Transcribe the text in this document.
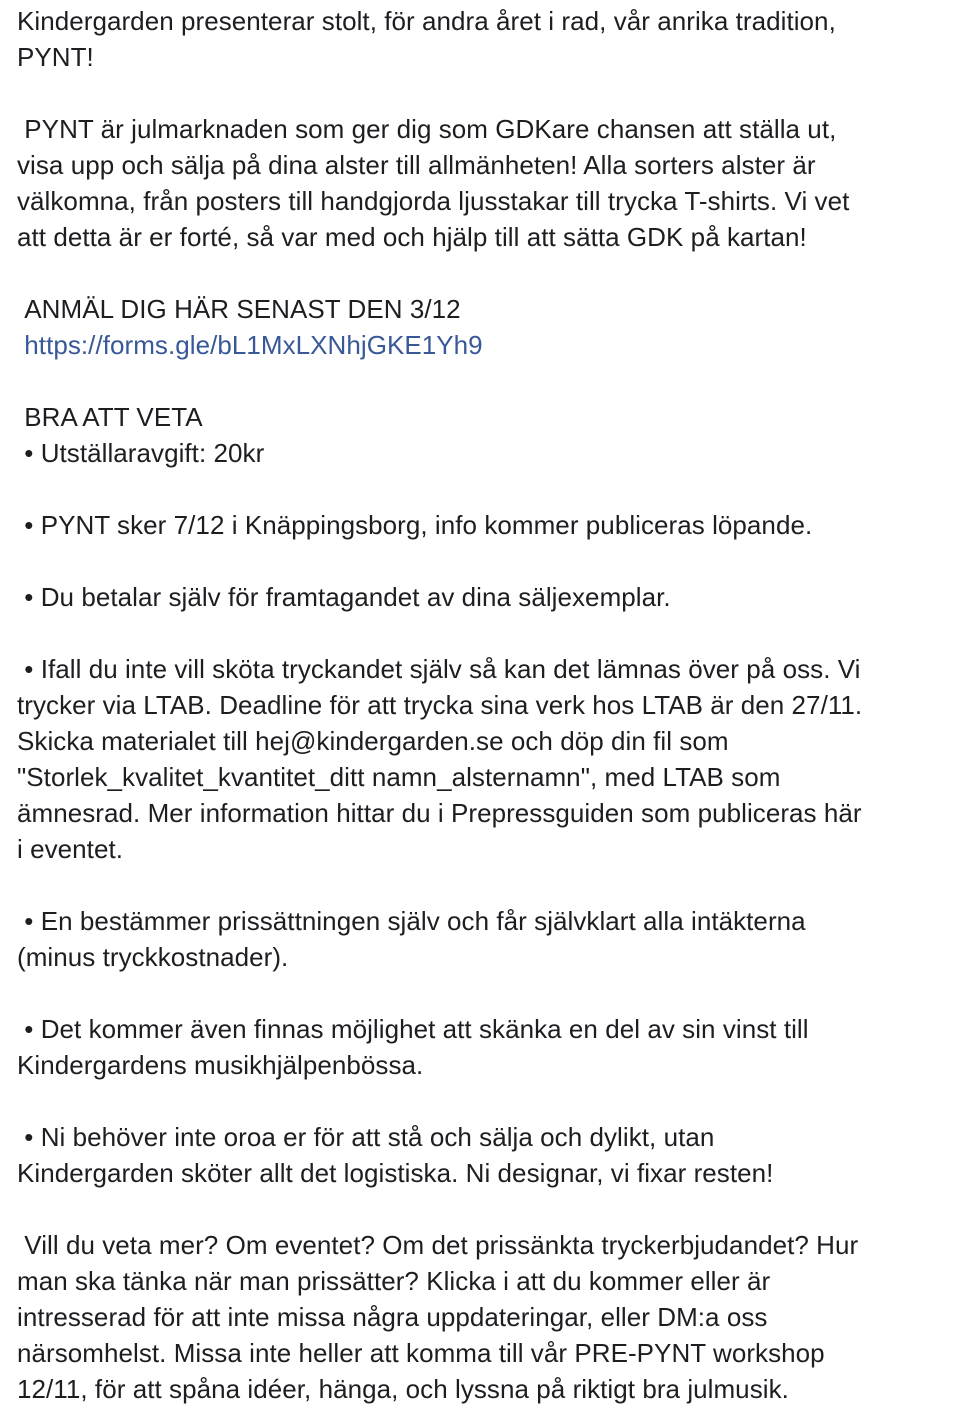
Kindergarden presenterar stolt, för andra året i rad, vår anrika tradition,

PYNT!

PYNT är julmarknaden som ger dig som GDKare chansen att ställa ut,

visa upp och sälja på dina alster till allmänheten! Alla sorters alster är

välkomna, från posters till handgjorda ljusstakar till trycka T-shirts. Vi vet

att detta är er forté, så var med och hjälp till att sätta GDK på kartan!

ANMÄL DIG HÄR SENAST DEN 3/12

https://forms.gle/bL1MxLXNhjGKE1Yh9

BRA ATT VETA

• Utställaravgift: 20kr

• PYNT sker 7/12 i Knäppingsborg, info kommer publiceras löpande.

• Du betalar själv för framtagandet av dina säljexemplar.

• Ifall du inte vill sköta tryckandet själv så kan det lämnas över på oss. Vi

trycker via LTAB. Deadline för att trycka sina verk hos LTAB är den 27/11.

Skicka materialet till hej@kindergarden.se och döp din fil som

"Storlek_kvalitet_kvantitet_ditt namn_alsternamn", med LTAB som

ämnesrad. Mer information hittar du i Prepressguiden som publiceras här

i eventet.

• En bestämmer prissättningen själv och får självklart alla intäkterna

(minus tryckkostnader).

• Det kommer även finnas möjlighet att skänka en del av sin vinst till

Kindergardens musikhjälpenbössa.

• Ni behöver inte oroa er för att stå och sälja och dylikt, utan

Kindergarden sköter allt det logistiska. Ni designar, vi fixar resten!

Vill du veta mer? Om eventet? Om det prissänkta tryckerbjudandet? Hur

man ska tänka när man prissätter? Klicka i att du kommer eller är

intresserad för att inte missa några uppdateringar, eller DM:a oss

närsomhelst. Missa inte heller att komma till vår PRE-PYNT workshop

12/11, för att spåna idéer, hänga, och lyssna på riktigt bra julmusik.
